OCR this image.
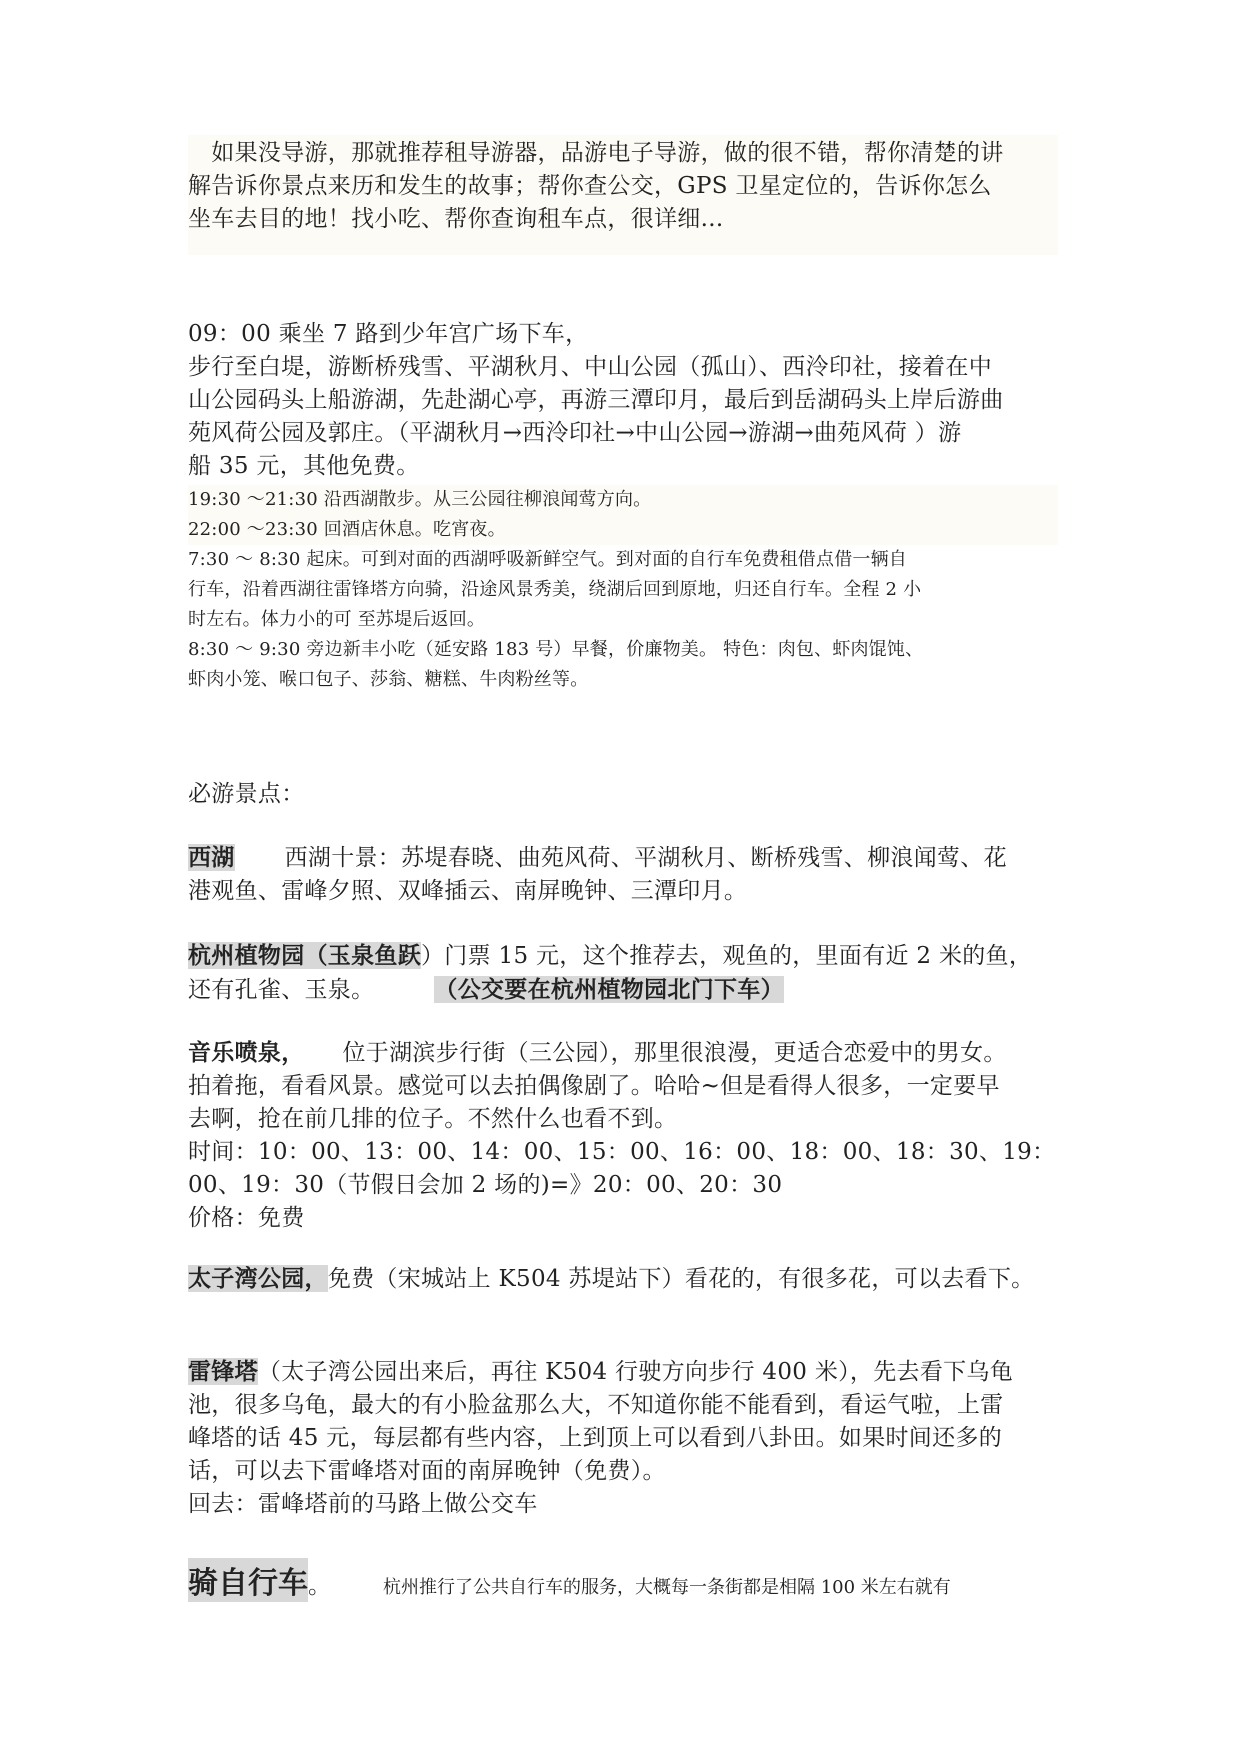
　如果没导游，那就推荐租导游器，品游电子导游，做的很不错，帮你清楚的讲
解告诉你景点来历和发生的故事；帮你查公交，GPS 卫星定位的，告诉你怎么
坐车去目的地！找小吃、帮你查询租车点，很详细...
09：00 乘坐 7 路到少年宫广场下车，
步行至白堤，游断桥残雪、平湖秋月、中山公园（孤山）、西泠印社，接着在中
山公园码头上船游湖，先赴湖心亭，再游三潭印月，最后到岳湖码头上岸后游曲
苑风荷公园及郭庄。（平湖秋月→西泠印社→中山公园→游湖→曲苑风荷 ）游
船 35 元，其他免费。
19:30 ～21:30 沿西湖散步。从三公园往柳浪闻莺方向。
22:00 ～23:30 回酒店休息。吃宵夜。
7:30 ～ 8:30 起床。可到对面的西湖呼吸新鲜空气。到对面的自行车免费租借点借一辆自
行车，沿着西湖往雷锋塔方向骑，沿途风景秀美，绕湖后回到原地，归还自行车。全程 2 小
时左右。体力小的可 至苏堤后返回。
8:30 ～ 9:30 旁边新丰小吃（延安路 183 号）早餐，价廉物美。 特色：肉包、虾肉馄饨、
虾肉小笼、喉口包子、莎翁、糖糕、牛肉粉丝等。
必游景点：
西湖 西湖十景：苏堤春晓、曲苑风荷、平湖秋月、断桥残雪、柳浪闻莺、花
港观鱼、雷峰夕照、双峰插云、南屏晚钟、三潭印月。
杭州植物园（玉泉鱼跃）门票 15 元，这个推荐去，观鱼的，里面有近 2 米的鱼，
还有孔雀、玉泉。	（公交要在杭州植物园北门下车）
音乐喷泉， 位于湖滨步行街（三公园），那里很浪漫，更适合恋爱中的男女。
拍着拖，看看风景。感觉可以去拍偶像剧了。哈哈~但是看得人很多，一定要早
去啊，抢在前几排的位子。不然什么也看不到。
时间：10：00、13：00、14：00、15：00、16：00、18：00、18：30、19：
00、19：30（节假日会加 2 场的)=》20：00、20：30
价格：免费
太子湾公园，免费（宋城站上 K504 苏堤站下）看花的，有很多花，可以去看下。
雷锋塔（太子湾公园出来后，再往 K504 行驶方向步行 400 米），先去看下乌龟
池，很多乌龟，最大的有小脸盆那么大，不知道你能不能看到，看运气啦，上雷
峰塔的话 45 元，每层都有些内容，上到顶上可以看到八卦田。如果时间还多的
话，可以去下雷峰塔对面的南屏晚钟（免费）。
回去：雷峰塔前的马路上做公交车
骑自行车 。	杭州推行了公共自行车的服务，大概每一条街都是相隔 100 米左右就有
